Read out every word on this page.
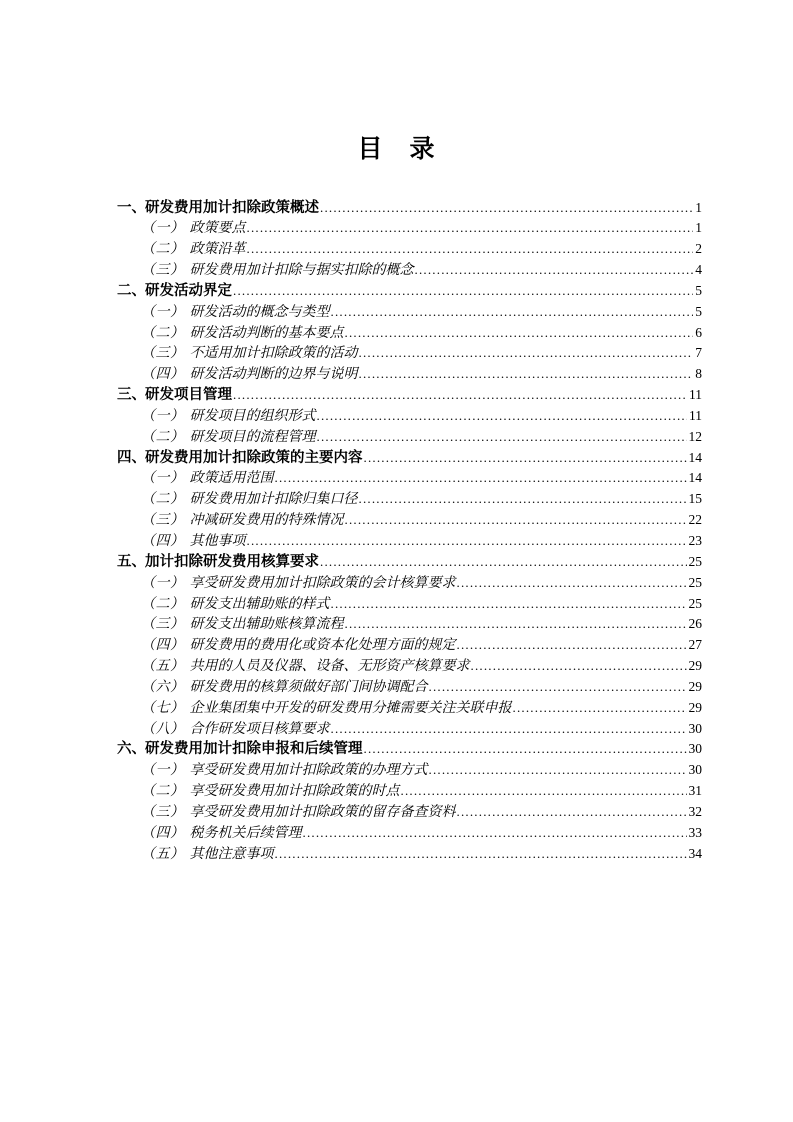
目　录
一、 研发费用加计扣除政策概述 .....	1
（一） 政策要点 .....	1
（二） 政策沿革 .....	2
（三） 研发费用加计扣除与据实扣除的概念 .....	4
二、 研发活动界定 .....	5
（一） 研发活动的概念与类型 .....	5
（二） 研发活动判断的基本要点 .....	6
（三） 不适用加计扣除政策的活动 .....	7
（四） 研发活动判断的边界与说明 .....	8
三、 研发项目管理 .....	11
（一） 研发项目的组织形式 .....	11
（二） 研发项目的流程管理 .....	12
四、 研发费用加计扣除政策的主要内容 .....	14
（一） 政策适用范围 .....	14
（二） 研发费用加计扣除归集口径 .....	15
（三） 冲减研发费用的特殊情况 .....	22
（四） 其他事项 .....	23
五、 加计扣除研发费用核算要求 .....	25
（一） 享受研发费用加计扣除政策的会计核算要求 .....	25
（二） 研发支出辅助账的样式 .....	25
（三） 研发支出辅助账核算流程 .....	26
（四） 研发费用的费用化或资本化处理方面的规定 .....	27
（五） 共用的人员及仪器、设备、无形资产核算要求 .....	29
（六） 研发费用的核算须做好部门间协调配合 .....	29
（七） 企业集团集中开发的研发费用分摊需要关注关联申报 .....	29
（八） 合作研发项目核算要求 .....	30
六、 研发费用加计扣除申报和后续管理 .....	30
（一） 享受研发费用加计扣除政策的办理方式 .....	30
（二） 享受研发费用加计扣除政策的时点 .....	31
（三） 享受研发费用加计扣除政策的留存备查资料 .....	32
（四） 税务机关后续管理 .....	33
（五） 其他注意事项 .....	34
